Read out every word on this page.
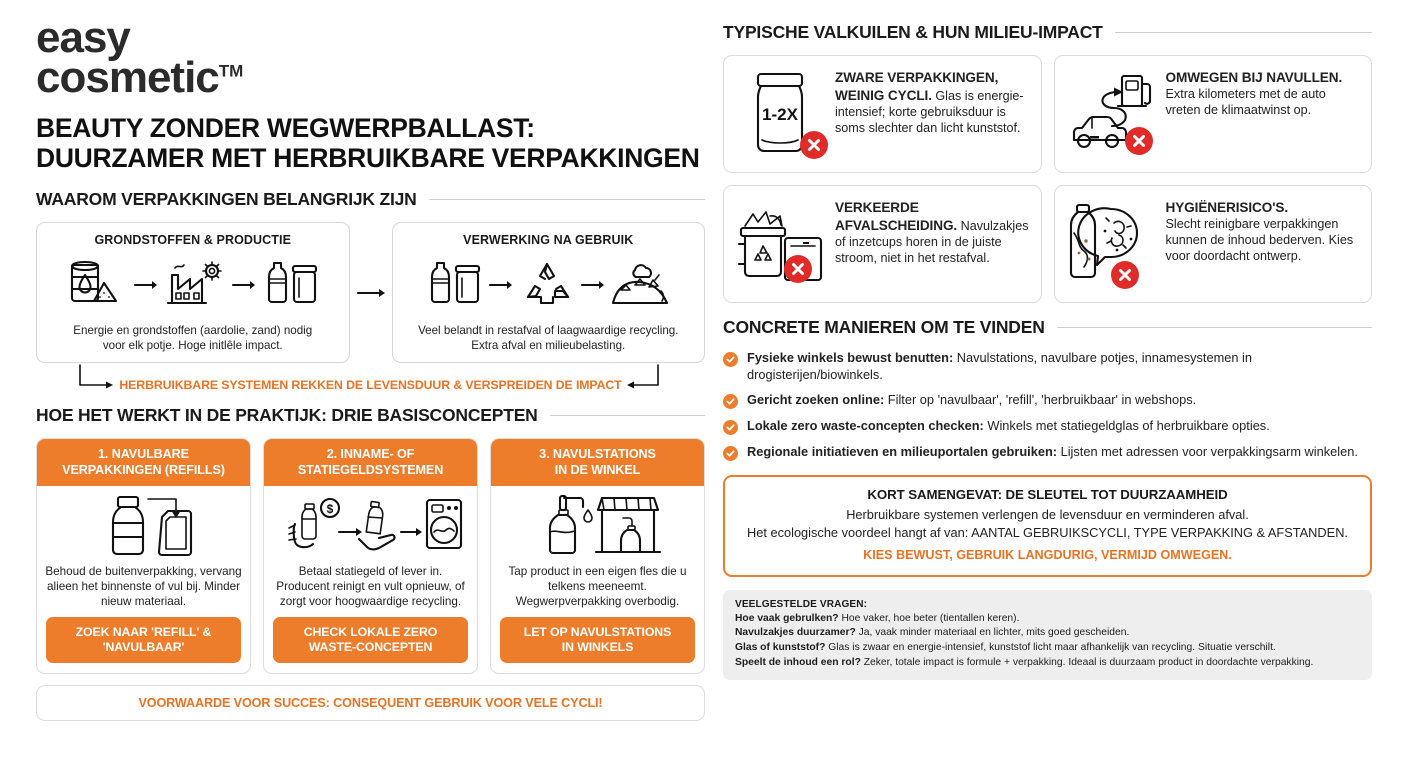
easy
cosmetic™
BEAUTY ZONDER WEGWERPBALLAST:
DUURZAMER MET HERBRUIKBARE VERPAKKINGEN
WAAROM VERPAKKINGEN BELANGRIJK ZIJN
GRONDSTOFFEN & PRODUCTIE
Energie en grondstoffen (aardolie, zand) nodig
voor elk potje. Hoge initlêle impact.
VERWERKING NA GEBRUIK
Veel belandt in restafval of laagwaardige recycling.
Extra afval en milieubelasting.
HERBRUIKBARE SYSTEMEN REKKEN DE LEVENSDUUR & VERSPREIDEN DE IMPACT
HOE HET WERKT IN DE PRAKTIJK: DRIE BASISCONCEPTEN
1. NAVULBARE
VERPAKKINGEN (REFILLS)
Behoud de buitenverpakking, vervang alieen het binnenste of vul bij. Minder nieuw materiaal.
ZOEK NAAR 'REFILL' &
'NAVULBAAR'
2. INNAME- OF
STATIEGELDSYSTEMEN
$
Betaal statiegeld of lever in. Producent reinigt en vult opnieuw, of zorgt voor hoogwaardige recycling.
CHECK LOKALE ZERO
WASTE-CONCEPTEN
3. NAVULSTATIONS
IN DE WINKEL
Tap product in een eigen fles die u telkens meeneemt. Wegwerpverpakking overbodig.
LET OP NAVULSTATIONS
IN WINKELS
VOORWAARDE VOOR SUCCES: CONSEQUENT GEBRUIK VOOR VELE CYCLI!
TYPISCHE VALKUILEN & HUN MILIEU-IMPACT
1-2X
ZWARE VERPAKKINGEN, WEINIG CYCLI. Glas is energie-intensief; korte gebruiksduur is soms slechter dan licht kunststof.
OMWEGEN BIJ NAVULLEN.
Extra kilometers met de auto vreten de klimaatwinst op.
VERKEERDE AFVALSCHEIDING. Navulzakjes of inzetcups horen in de juiste stroom, niet in het restafval.
HYGIËNERISICO'S.
Slecht reinigbare verpakkingen kunnen de inhoud bederven. Kies voor doordacht ontwerp.
CONCRETE MANIEREN OM TE VINDEN
Fysieke winkels bewust benutten: Navulstations, navulbare potjes, innamesystemen in drogisterijen/biowinkels.
Gericht zoeken online: Filter op 'navulbaar', 'refill', 'herbruikbaar' in webshops.
Lokale zero waste-concepten checken: Winkels met statiegeldglas of herbruikbare opties.
Regionale initiatieven en milieuportalen gebruiken: Lijsten met adressen voor verpakkingsarm winkelen.
KORT SAMENGEVAT: DE SLEUTEL TOT DUURZAAMHEID

Herbruikbare systemen verlengen de levensduur en verminderen afval.

Het ecologische voordeel hangt af van: AANTAL GEBRUIKSCYCLI, TYPE VERPAKKING & AFSTANDEN.

KIES BEWUST, GEBRUIK LANGDURIG, VERMIJD OMWEGEN.

VEELGESTELDE VRAGEN:

Hoe vaak gebrulken? Hoe vaker, hoe beter (tientallen keren).

Navulzakjes duurzamer? Ja, vaak minder materiaal en lichter, mits goed gescheiden.

Glas of kunststof? Glas is zwaar en energie-intensief, kunststof licht maar afhankelijk van recycling. Situatie verschilt.

Speelt de inhoud een rol? Zeker, totale impact is formule + verpakking. Ideaal is duurzaam product in doordachte verpakking.
